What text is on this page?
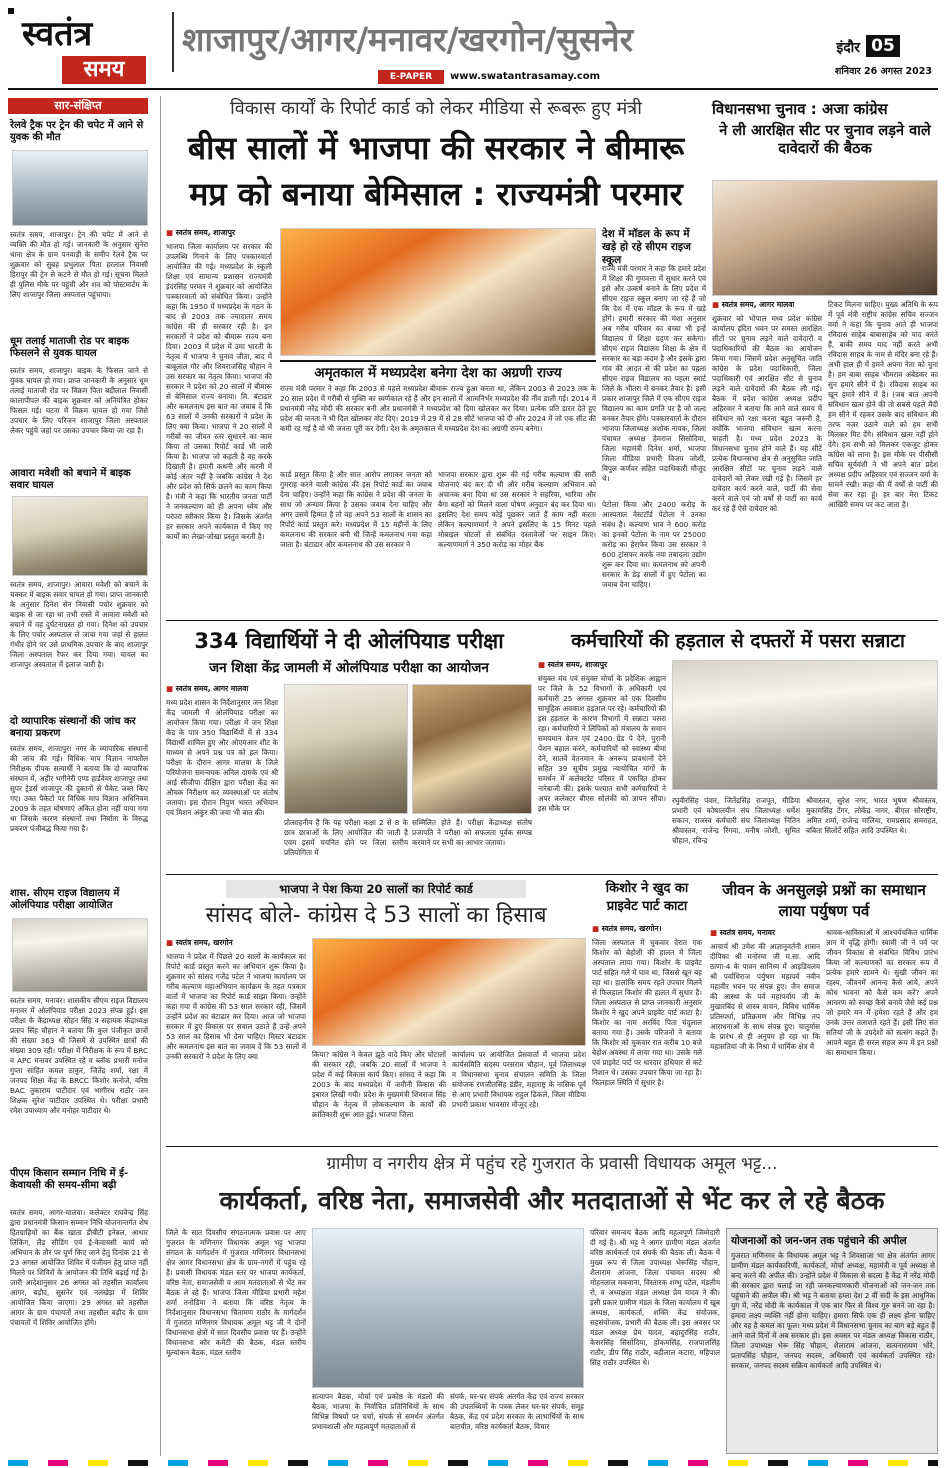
स्वतंत्र
समय
शाजापुर/आगर/मनावर/खरगोन/सुसनेर	इंदौर 05
शनिवार 26 अगस्त 2023
E-PAPER	www.swatantrasamay.com
सार-संक्षिप्त
रेलवे ट्रैक पर ट्रेन की चपेट में आने से युवक की मौत
स्वतंत्र समय, शाजापुर। ट्रेन की चपेट में आने से व्यक्ति की मौत हो गई। जानकारी के अनुसार सुनेरा थाना क्षेत्र के ग्राम पनवाड़ी के समीप रेलवे ट्रैक पर शुक्रवार को सुबह प्रभुलाल पिता हरलाल निवासी हिरापुर की ट्रेन से कटने से मौत हो गई। सूचना मिलते ही पुलिस मौके पर पहुंची और शव को पोस्टमार्टम के लिए शाजापुर जिला अस्पताल पहुंचाया।
धूम तलाई माताजी रोड पर बाइक फिसलने से युवक घायल
स्वतंत्र समय, शाजापुर। बाइक के फिसल जाने से युवक घायल हो गया। प्राप्त जानकारी के अनुसार धूम तलाई माताजी रोड पर विक्रम पिता बद्रीलाल निवासी कालापीपल की बाइक शुक्रवार को अनियंत्रित होकर फिसल गई। घटना में विक्रम घायल हो गया जिसे उपचार के लिए परिजन शाजापुर जिला अस्पताल लेकर पहुंचे जहां पर उसका उपचार किया जा रहा है।
आवारा मवेशी को बचाने में बाइक सवार घायल
स्वतंत्र समय, शाजापुर। आवारा मवेशी को बचाने के चक्कर में बाइक सवार घायल हो गया। प्राप्त जानकारी के अनुसार दिनेश सेन निवासी पचोर शुक्रवार को बाइक से जा रहा था तभी रास्ते में आवारा मवेशी को बचाने में वह दुर्घटनाग्रस्त हो गया। दिनेश को उपचार के लिए पचोर अस्पताल ले जाया गया जहां से हालत गंभीर होने पर उसे प्राथमिक उपचार के बाद शाजापुर जिला अस्पताल रैफर कर दिया गया। घायल का शाजापुर अस्पताल में इलाज जारी है।
दो व्यापारिक संस्थानों की जांच कर बनाया प्रकरण
स्वतंत्र समय, शाजापुर। नगर के व्यापारिक संस्थानों की जांच की गई। विधिक माप विज्ञान नापतौल निरीक्षक दीपक सत्यार्थी ने बताया कि दो व्यापारिक संस्थान में, अहीर भगीनेरी एण्ड हार्डवेयर शाजापुर तथा सुपर ट्रेडर्स शाजापुर की दुकानों से पैकेट जब्त किए गए। उक्त पैकेटों पर विधिक माप विज्ञान अधिनियम 2009 के तहत घोषणाएं अंकित होना नहीं पाया गया था जिसके कारण संस्थानों तथा निर्माता के विरुद्ध प्रकरण पंजीबद्ध किया गया है।
शास. सीएम राइज विद्यालय में ओलंपियाड परीक्षा आयोजित
स्वतंत्र समय, मनावर। शासकीय सीएम राइज विद्यालय मनावर में ओलंपियाड परीक्षा 2023 संपन्न हुई। इस परीक्षा के केंद्राध्यक्ष सोहन सिंह व सहायक केंद्राध्यक्ष प्रताप सिंह चौहान ने बताया कि कुल पंजीकृत छात्रों की संख्या 363 थी जिसमें से उपस्थित छात्रों की संख्या 309 रही। परीक्षा में निरीक्षक के रूप में BRC व APC मनावर उपस्थित रहे व ब्लॉक प्रभारी मनोज गुप्ता साहित कमल ठाकुर, जितेंद्र शर्मा, रक्षा में जनपद शिक्षा केंद्र के BRCC किशोर कनोजे, वरिष्ठ BAC तुकाराम पाटीदार एवं भागीरथ राठौर जन शिक्षक सुरेश पाटीदार उपस्थित थे। परीक्षा प्रभारी रमेश उपाध्याय और मनोहर पाटीदार थे।
पीएम किसान सम्मान निधि में ई-केवायसी की समय-सीमा बढ़ी
स्वतंत्र समय, आगर-मालवा। कलेक्टर राघवेन्द्र सिंह द्वारा प्रधानमंत्री किसान सम्मान निधि योजनान्तर्गत शेष हितग्राहियों का बैंक खाता डीबीटी इनेबल, आधार लिंकिंग, लैंड सीडिंग एवं ई-केवायसी कार्य को अभियान के तौर पर पूर्ण किए जाने हेतु दिनांक 21 से 23 अगस्त आयोजित शिविर में पंजीयन हेतु प्राप्त नहीं मिलने पर शिविरों के आयोजन की तिथि बढ़ाई गई है। जारी आदेशानुसार 26 अगस्त को तहसील कार्यालय आगर, बड़ौद, सुसनेर एवं नलखेड़ा में शिविर आयोजित किया जाएगा। 29 अगस्त को तहसील आगर के ग्राम पंचायतों तथा तहसील बड़ौद के ग्राम पंचायतों में शिविर आयोजित होंगे।
विकास कार्यों के रिपोर्ट कार्ड को लेकर मीडिया से रूबरू हुए मंत्री
बीस सालों में भाजपा की सरकार ने बीमारू
मप्र को बनाया बेमिसाल : राज्यमंत्री परमार
■ स्वतंत्र समय, शाजापुर
भाजपा जिला कार्यालय पर सरकार की उपलब्धि गिनाने के लिए पत्रकारवार्ता आयोजित की गई। मध्यप्रदेश के स्कूली शिक्षा एवं सामान्य प्रशासन राज्यमंत्री इंदरसिंह परमार ने शुक्रवार को आयोजित पत्रकारवार्ता को संबोधित किया। उन्होंने कहा कि 1950 में मध्यप्रदेश के गठन के बाद से 2003 तक ज्यादातर समय कांग्रेस की ही सरकार रही है। इन सरकारों ने प्रदेश को बीमारू राज्य बना दिया। 2003 में प्रदेश में उमा भारती के नेतृत्व में भाजपा ने चुनाव जीता, बाद में बाबूलाल गौर और शिवराजसिंह चौहान ने उस सरकार का नेतृत्व किया। भाजपा की सरकार ने प्रदेश को 20 सालों में बीमारू से बेमिसाल राज्य बनाया। मि. बंटाढार और कमलनाथ इस बात का जवाब दें कि 63 सालों में उनकी सरकारों ने प्रदेश के लिए क्या किया। भाजपा ने 20 सालों में गरीबों का जीवन स्तर सुधारने का काम किया तो उसका रिपोर्ट कार्ड भी जारी किया है। भाजपा जो कहती है वह करके दिखाती है। हमारी कथनी और करनी में कोई अंतर नहीं है जबकि कांग्रेस ने देश और प्रदेश को सिर्फ छलने का काम किया है। मंत्री ने कहा कि भारतीय जनता पार्टी ने जनकल्याण को ही अपना ध्येय और परंपरा स्वीकार किया है। जिसके अंतर्गत हर सरकार अपने कार्यकाल में किए गए कार्यों का लेखा-जोखा प्रस्तुत करती है।
अमृतकाल में मध्यप्रदेश बनेगा देश का अग्रणी राज्य
राज्य मंत्री परमार ने कहा कि 2003 से पहले मध्यप्रदेश बीमारू राज्य हुआ करता था, लेकिन 2003 से 2023 तक के 20 साल प्रदेश में गरीबी से मुक्ति का स्वर्णकाल रहे हैं और इन सालों में आत्मनिर्भर मध्यप्रदेश की नींव डाली गई। 2014 में प्रधानमंत्री नरेंद्र मोदी की सरकार बनी और प्रधानमंत्री ने मध्यप्रदेश को दिया खोलकर कर दिया। प्रत्येक प्रति डारत देते हुए प्रदेश की जनता ने भी दिल खोलकर वोट दिए। 2019 में 29 में से 28 सीटें भाजपा को दी और 2024 में जो एक सीट की कमी रह गई है वो भी जनता पूरी कर देगी। देश के अमृतकाल में मध्यप्रदेश देश का अग्रणी राज्य बनेगा।
कार्ड प्रस्तुत किया है और सात आरोप लगाकर जनता को गुमराह करने वाली कांग्रेस की इस रिपोर्ट कार्ड का जवाब देना चाहिए। उन्होंने कहा कि कांग्रेस ने प्रदेश की जनता के साथ जो अन्याय किया है उसका जवाब देना चाहिए और अगर उसमें हिम्मत है तो वह अपने 53 सालों के शासन का रिपोर्ट कार्ड प्रस्तुत करे। मध्यप्रदेश में 15 महीनों के लिए कमलनाथ की सरकार बनी थी जिन्हें कमलनाथ गया कहा जाता है। बंटाढार और कमलनाथ की उस सरकार ने
भाजपा सरकार द्वारा शुरू की गई गरीब कल्याण की सारी योजनाएं बंद कर दी थी और गरीब कल्याण अभियान को अचानक बना दिया था उस सरकार ने सहरिया, भारिया और बैगा बहनों को मिलने वाला पोषण अनुदान बंद कर दिया था। इसलिए देश समय कोई पूछकर जाते हैं काम नहीं करता लेकिन कल्याणमार्ग ने अपने इसलिए के 15 मिनट पहले मोबाइल चोटलो से संबंधित दस्तावेजों पर साइन किए। कल्याणमार्ग ने 350 करोड़ का मोहर बैंक
देश में मॉडल के रूप में खड़े हो रहे सीएम राइज स्कूल
राज्य मंत्री परमार ने कहा कि हमारे प्रदेश में शिक्षा की गुणवत्ता में सुधार करने एवं इसे और उत्कर्ष बनाने के लिए प्रदेश में सीएम राइज स्कूल बनाए जा रहे हैं जो कि देश में एक मॉडल के रूप में खड़े होंगे। हमारी सरकार की मंशा अनुसार अब गरीब परिवार का बच्चा भी इन्हें विद्यालय में शिक्षा ग्रहण कर सकेगा। सीएम राइज विद्यालय शिक्षा के क्षेत्र में सरकार का बड़ा कदम है और इसके द्वारा गांव की आदत से की प्रदेश का पहला सीएम राइज विद्यालय का पहला स्मार्ट जिले के भीतरा में बनकर तैयार है। इसी प्रकार शाजापुर जिले में एक सीएम राइज विद्यालय का काम प्रगति पर है जो जल्द बनकर तैयार होंगे। पत्रकारवार्ता के दौरान भाजपा जिलाध्यक्ष अशोक नायक, जिला पंचायत अध्यक्ष हेमराज सिसोदिया, जिला महामंत्री दिनेश शर्मा, भाजपा जिला मीडिया प्रभारी विजय जोशी, विपुल कर्णवर सहित पदाधिकारी मौजूद थे।
पेटोला किया और 2400 करोड़ के आस्पताल वेस्टटॉर्ड पेटोला ने उनका संबंध है। कल्याण भाव ने 600 करोड़ का इनको पेटोला के नाम पर 25000 करोड़ का हेराफेर किया उस सरकार ने 600 ट्रांसफर करके नया तबादला उद्योग शुरू कर दिया था। कमलनाथ को अपनी सरकार के डेढ़ सालों में हुए पेटोला का जवाब देना चाहिए।
विधानसभा चुनाव : अजा कांग्रेस
ने ली आरक्षित सीट पर चुनाव लड़ने वाले दावेदारों की बैठक
■ स्वतंत्र समय, आगर मालवा
शुक्रवार को भोपाल मध्य प्रदेश कांग्रेस कार्यालय इंदिरा भवन पर समस्त आरक्षित सीटों पर चुनाव लड़ने वाले दावेदारों व पदाधिकारियों की बैठक का आयोजन किया गया। जिसमें प्रदेश अनुसूचित जाति कांग्रेस के प्रदेश पदाधिकारी, जिला पदाधिकारी एवं आरक्षित सीट से चुनाव लड़ने वाले दावेदारों की बैठक ली गई। बैठक में प्रदेश कांग्रेस अध्यक्ष प्रदीप अहिरवार ने बताया कि आने वाले समय में संविधान को रक्षा करना बहुत जरूरी है, क्योंकि भाजपा संविधान खत्म करना चाहती है। मध्य प्रदेश 2023 के विधानसभा चुनाव होने वाले हैं। यह सीटें प्रत्येक विधानसभा क्षेत्र से अनुसूचित जाति आरक्षित सीटों पर चुनाव लड़ने वाले दावेदारों को लेकर रखी गई है। जिसमें हर दावेदार कार्य करने वाले, पार्टी की सेवा करने वाले एवं जो वर्षों से पार्टी का कार्य कर रहे हैं ऐसे दावेदार को
टिकट मिलना चाहिए। मुख्य अतिथि के रूप में पूर्व मंत्री राष्ट्रीय कांग्रेस सचिव सज्जन वर्मा ने कहा कि चुनाव आते ही भाजपा रविदास साहेब बाबासाहेब को याद करते हैं, बाकी समय याद नहीं करते अभी रविदास साहब के नाम से मंदिर बना रहे हैं। अभी हाल ही में हमने अपना नेता को चुना है। हम बाबा साहब भीमराव अंबेडकर का सुन हमारे सीने में है। रविदास साहब का खून हमारे सीने में है। (जब बात अपनी संविधान खत्म होने की तो सबसे पहले मैंदी हम सीने में रहकर उसके बाद संविधान की तरफ नजर उठाने वाले को हम सभी मिलकर मिट देंगे। संविधान खत्म नहीं होने देंगे। हम सभी को मिलकर एकजुट होकर कांग्रेस को लाना है। इस मौके पर पीसीसी सचिव सूर्यवंशी ने भी अपने बात प्रदेश अध्यक्ष प्रदीप अहिरवार एवं सज्जन वर्मा के सामने रखी। कहा की मैं वर्षों से पार्टी की सेवा कर रहा हूं। हर बार मेरा टिकट आखिरी समय पर कट जाता है।
334 विद्यार्थियों ने दी ओलंपियाड परीक्षा
जन शिक्षा केंद्र जामली में ओलंपियाड परीक्षा का आयोजन
■ स्वतंत्र समय, आगर मालवा
मध्य प्रदेश शासन के निर्देशानुसार जन शिक्षा केंद्र जामली में ओलंपियाड परीक्षा का आयोजन किया गया। परीक्षा में जन शिक्षा केंद्र के पात्र 350 विद्यार्थियों में से 334 विद्यार्थी शामिल हुए और ओएमआर शीट के माध्यम से अपने प्रश्न पत्र को हल किया। परीक्षा के दौरान आगर मालवा के जिले परियोजना समन्वयक अनिल दामके एवं श्री आई सीजीपा दीक्षित द्वारा परीक्षा केंद्र का औचक निरीक्षण कर व्यवस्थाओं पर संतोष जताया। इस दौरान निपुण भारत अभियान एवं मिशन अंकुर की जया भी बात की।
प्रोत्साहनीय है कि यह परीक्षा कक्षा 2 से 8 के छात्र छात्राओं के लिए आयोजित की जाती है एवम इसमें चयनित होने पर जिला स्तरीय प्रतियोगिता में
सम्मिलित होते हैं। परीक्षा केंद्राध्यक्ष संतोष प्रजापति ने परीक्षा को सफलता पूर्वक सम्पन्न करवाने पर सभी का आभार जताया।
कर्मचारियों की हड़ताल से दफ्तरों में पसरा सन्नाटा
■ स्वतंत्र समय, शाजापुर
संयुक्त मंच एवं संयुक्त मोर्चा के प्रदेशिक आह्वान पर जिले के 52 विभागों के अधिकारी एवं कर्मचारी 25 अगस्त शुक्रवार को एक दिवसीय सामूहिक अवकाश हड़ताल पर रहे। कर्मचारियों की इस हड़ताल के कारण विभागों में सन्नाटा पसरा रहा। कर्मचारियों ने लिपिकों को मंत्रालय के समान समयमान वेतन एवं 2400 ग्रेड पे देने, पुरानी पेंशन बहाल करने, कर्मचारियों को स्वास्थ्य बीमा देने, सातवें वेतनमान के अनरूप प्रावधानों देने सहित 39 सूत्रीय प्रमुख न्यायोचित मांगों के समर्थन में कलेक्टरेट परिसर में एकत्रित होकर नारेबाजी की। इसके पश्चात सभी कर्मचारियों ने अपर कलेक्टर बीएस सोलंकी को ज्ञापन सौंपा। इस मौके पर
रघुवीरसिंह पंवार, जितेंद्रसिंह राजपूत, मीडिया प्रभारी एवं कोषालयीन संघ जिलाध्यक्ष धर्मेश सकान, राजस्व कर्मचारी संघ जिलाध्यक्ष नितिन श्रीवास्तव, राजेन्द्र रिंगवा, मनीष जोशी, सुमित चौहान, रविन्द्र
श्रीवास्तव, सुरेश नगर, भारत भूषण श्रीवास्तव, मुकामसिंह टेंगर, लोकेंद्र नागर, बीएल सौराष्ट्रीय, अमित शर्मा, राजेन्द्र मालिया, रामप्रसाद समराहत, बबिता सिलोर्टे सहित आदि उपस्थित थे।
भाजपा ने पेश किया 20 सालों का रिपोर्ट कार्ड
सांसद बोले- कांग्रेस दे 53 सालों का हिसाब
■ स्वतंत्र समय, खरगोन
भाजपा ने प्रदेश में पिछले 20 सालों के कार्यकाल का रिपोर्ट कार्ड प्रस्तुत करने का अभियान शुरू किया है। शुक्रवार को सांसद गजेंद्र पटेल ने भाजपा कार्यालय पर गरीब कल्याण महाअभियान कार्यक्रम के तहत पत्रकार वार्ता में भाजपा का रिपोर्ट कार्ड साझा किया। उन्होंने कहा गया में कांग्रेस की 53 साल सरकार रही, जिसमें उन्होंने प्रदेश का बंटाढार कर दिया। आज जो भाजपा सरकार में हुए विकास पर सवाल उठाते हैं उन्हें अपने 53 साल का हिसाब भी देना चाहिए। मिस्टर बंटाढार और कमलनाथ इस बात का जवाब दें कि 53 सालों में उनकी सरकारों ने प्रदेश के लिए क्या	किया? कांग्रेस ने केवल झूठे वादे किए और घोटालों की सरकार रही, जबकि 20 सालों में भाजपा ने प्रदेश में कई विकास कार्य किए। सांसद ने कहा कि 2003 के बाद मध्यप्रदेश में जमीनी विकास की इबारत लिखी गयी। प्रदेश के मुख्यमंत्री शिवराज सिंह चौहान के नेतृत्व में लोककल्याण के कार्यों की क्रांतिकारी शुरू आत हुई। भाजपा जिला
कार्यालय पर आयोजित प्रेसवार्ता में भाजपा प्रदेश कार्यसमिति सदस्य परसराम चौहान, पूर्व जिलाध्यक्ष व विधानसभा चुनाव संचालन समिति के जिला संयोजक रणजीतसिंह डंडीर, महाराष्ट्र के नासिक पूर्व से आए प्रभारी विधायक राहुल ढिकले, जिला मीडिया प्रभारी प्रकाश भावसार मौजूद रहे।
किशोर ने खुद का प्राइवेट पार्ट काटा
■ स्वतंत्र समय, खरगोन।
जिला अस्पताल में चुकवार देरात एक किशोर को बेहोशी की हालत में जिला अस्पताल लाया गया। किशोर के प्राइवेट पार्ट सहित गले में घाव था, जिससे खून बह रहा था। हालांकि समय रहते उपचार मिलने से फिलहाल किशोर की हालत में सुधार है। जिला अस्पताल से प्राप्त जानकारी अनुसार किशोर ने खुद अपने प्राइवेट पार्ट काटा है। किशोर का नाम अरविंद पिता चंदुलाल बताया गया है। उसके परिजनों ने बताया कि किशोर को चुकवार रात करीब 10 बजे बेहोश अवस्था में लाया गया था। उसके गले एवं प्राइवेट पार्ट पर धारदार हथियार से कटे निशान थे। उसका उपचार किया जा रहा है। फिलहाल स्थिति में सुधार है।
जीवन के अनसुलझे प्रश्नों का समाधान लाया पर्युषण पर्व
■ स्वतंत्र समय, मनावर
आचार्य श्री उमेश की आज्ञानुवर्तनी शासन दीपिका श्री मनोरमा जी म.सा. आदि ठाणा-4 के पावन सानिध्य में आइडियलय श्री पर्वाधिराज पर्युषण महापर्व नवीन महावीर भवन पर संपन्न हुए। जैन समाज की आस्था के पर्व महापर्वाय जी के मुखारबिंद से शास्त्र वाचन, विविध धार्मिक प्रतिस्पर्धा, प्रतिक्रमण और विभिन्न तप आराधनाओं के साथ संपन्न हुए। चातुर्मास के प्रारंभ से ही अनुपम हो रहा था कि महासतियां जी के निश्रा में धार्मिक क्षेत्र में
श्रावक-श्राविकाओं में आश्चर्यचकित धार्मिक ज्ञान में वृद्धि होगी। स्वामी जी ने पर्व पर जीवन विकास से संबंधित विविध प्रारंभ किया जो कल्याणकों का सरकार रूप में प्रत्येक हमारे सामने थे। सुखी जीवन का रहस्य, जीवनमें आनन्द कैसे आये, अपने कोध भावना को कैसे कम करें? अपने आचरण को स्वच्छ कैसे बनाये जैसे कई प्रश्न जो हमारे मन में हमेशा रहते हैं और हम उनके उत्तर तलाशते रहते हैं। इसी लिए संत सतियां जी के उपदेशों को सत्संग कहते हैं। आपने बहुत ही सरल सहज रूप में इन प्रश्नों का समाधान किया।
ग्रामीण व नगरीय क्षेत्र में पहुंच रहे गुजरात के प्रवासी विधायक अमूल भट्ट...
कार्यकर्ता, वरिष्ठ नेता, समाजसेवी और मतदाताओं से भेंट कर ले रहे बैठक
जिले के सात दिवसीय संगठनात्मक प्रवास पर आए गुजरात के मणिनगर विधायक अमूल भट्ट भाजपा संगठन के मार्गदर्शन में गुजरात मणिनगर विधानसभा क्षेत्र आगर विधानसभा क्षेत्र के ग्राम-नगरों में पहुंच रहे हैं। प्रवासी विधायक मंडल स्तर पर भाजपा कार्यकर्ता, वरिष्ठ नेता, समाजसेवी व आम मतदाताओं से भेंट कर बैठक ले रहे हैं। भाजपा जिला मीडिया प्रभारी महेश शर्मा तनोडिया ने बताया कि वरिष्ठ नेतृत्व के निर्देशानुसार विधानसभा चितामण राठौर के मार्गदर्शन में गुजरात मणिनगर विधायक अमूल भट्ट जी ने दोनों विधानसभा क्षेत्रों में सात दिवसीय प्रवास पर हैं। उन्होंने विधानसभा कोर कमेटी की बैठक, मंडल स्तरीय मूल्यांकन बैठक, मंडल स्तरीय
सत्यापन बैठक, मोर्चा एवं प्रकोष्ठ के मंडलों की बैठक, भाजपा के निर्वाचित प्रतिनिधियों के साथ विभिन्न विषयों पर चर्चा, संपर्क से समर्थन अंतर्गत प्रभावशाली और महत्वपूर्ण मतदाताओं से
संपर्क, घर-घर संपर्क अंतर्गत केंद्र एवं राज्य सरकार की उपलब्धियों के पत्रक लेकर घर-घर संपर्क, समूह बैठक, केंद्र एवं प्रदेश सरकार के लाभार्थियों के साथ बातचीत, वरिष्ठ कार्यकर्ता बैठक, विचार
परिवार समन्वय बैठक आदि महत्वपूर्ण जिम्मेदारी दी गई है। श्री भट्ट ने आगर ग्रामीण मंडल अंतर्गत वरिष्ठ कार्यकर्ता एवं संपर्क की बैठक ली। बैठक में मुख्य रूप से जिला उपाध्यक्ष भेरूसिंह चौहान, शैलाराम आंजना, जिला पंचायत सदस्य श्री मोहनलाल मकवाना, विस्तारक शम्भु पटेल, मंडलीय रो, व अध्यक्षता मंडल अध्यक्ष प्रेम यादव ने की। इसी प्रकार ग्रामीण मंडल के जिला कार्यालय में खूब अध्यक्ष, कार्यकर्ता, शक्ति केंद्र संयोजक, सहसंयोजक, प्रभारी की बैठक ली। इस अवसर पर मंडल अध्यक्ष प्रेम यादव, बहादुरसिंह राठौर, केसरसिंह सिसोदिया, होकमसिंह, राजपालसिंह राठौर, डीप सिंह राठौर, बद्रीलाल कटारा, महिपाल सिंह राठौर उपस्थित थे।
योजनाओं को जन-जन तक पहुंचाने की अपील
गुजरात मणिनगर के विधायक अमूल भट्ट ने शिवसाजा भा क्षेत्र अंतर्गत आगर ग्रामीण मंडल कार्यकारिणी, कार्यकर्ता, मोर्चा अध्यक्ष, महामंत्री व पूर्व अध्यक्ष से बन्द करने की अपील की। उन्होंने प्रदेश में विकास से बदला है केंद्र में नरेंद्र मोदी की सरकार द्वारा चलाई जा रही जनकल्याणकारी योजनाओं को जन-जन तक पहुंचाने की अपील की। श्री भट्ट ने बताया हम्ला देश 2 वीं सदी के इस आधुनिक युग में, नरेंद्र मोदी के कार्यकाल में एक बार फिर से विश्व गुरु बनने जा रहा है। हमारा लक्ष्य व्यक्ति नहीं होना चाहिए। हमारा सिर्फ एक ही लक्ष्य होना चाहिए और वह है कमल का फूल। मध्य प्रदेश में विधानसभा चुनाव का बाग बड़े बहुत हैं आने वाले दिनों में अब सरकार हो। इस अवसर पर मंडल अध्यक्ष विकास राठौर, जिला उपाध्यक्ष भेरू सिंह चौहान, शैलाराम आंजना, सत्यनारायण भोरे, प्रतापसिंह चौहान, जनपद सदस्य, अधिकारी एवं कार्यकर्ता उपस्थित रहे। सरकार, जनपद सदस्य सक्रिय कार्यकर्ता आदि उपस्थित थे।
